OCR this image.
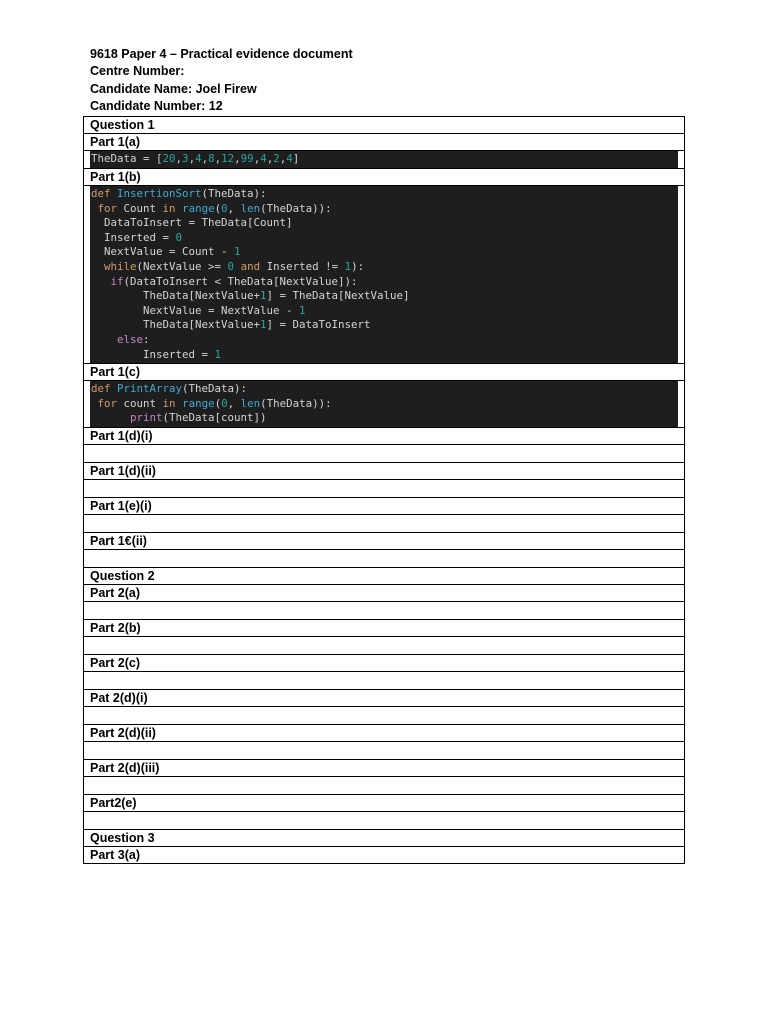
9618 Paper 4 – Practical evidence document
Centre Number:
Candidate Name: Joel Firew
Candidate Number: 12
Question 1
Part 1(a)

TheData = [20,3,4,8,12,99,4,2,4]

Part 1(b)

def InsertionSort(TheData):
for Count in range(0, len(TheData)):
DataToInsert = TheData[Count]
Inserted = 0
NextValue = Count - 1
while(NextValue >= 0 and Inserted != 1):
if(DataToInsert < TheData[NextValue]):
TheData[NextValue+1] = TheData[NextValue]
NextValue = NextValue - 1
TheData[NextValue+1] = DataToInsert
else:
Inserted = 1

Part 1(c)

def PrintArray(TheData):
for count in range(0, len(TheData)):
print(TheData[count])

Part 1(d)(i)

Part 1(d)(ii)

Part 1(e)(i)

Part 1€(ii)

Question 2
Part 2(a)

Part 2(b)

Part 2(c)

Pat 2(d)(i)

Part 2(d)(ii)

Part 2(d)(iii)

Part2(e)

Question 3
Part 3(a)
